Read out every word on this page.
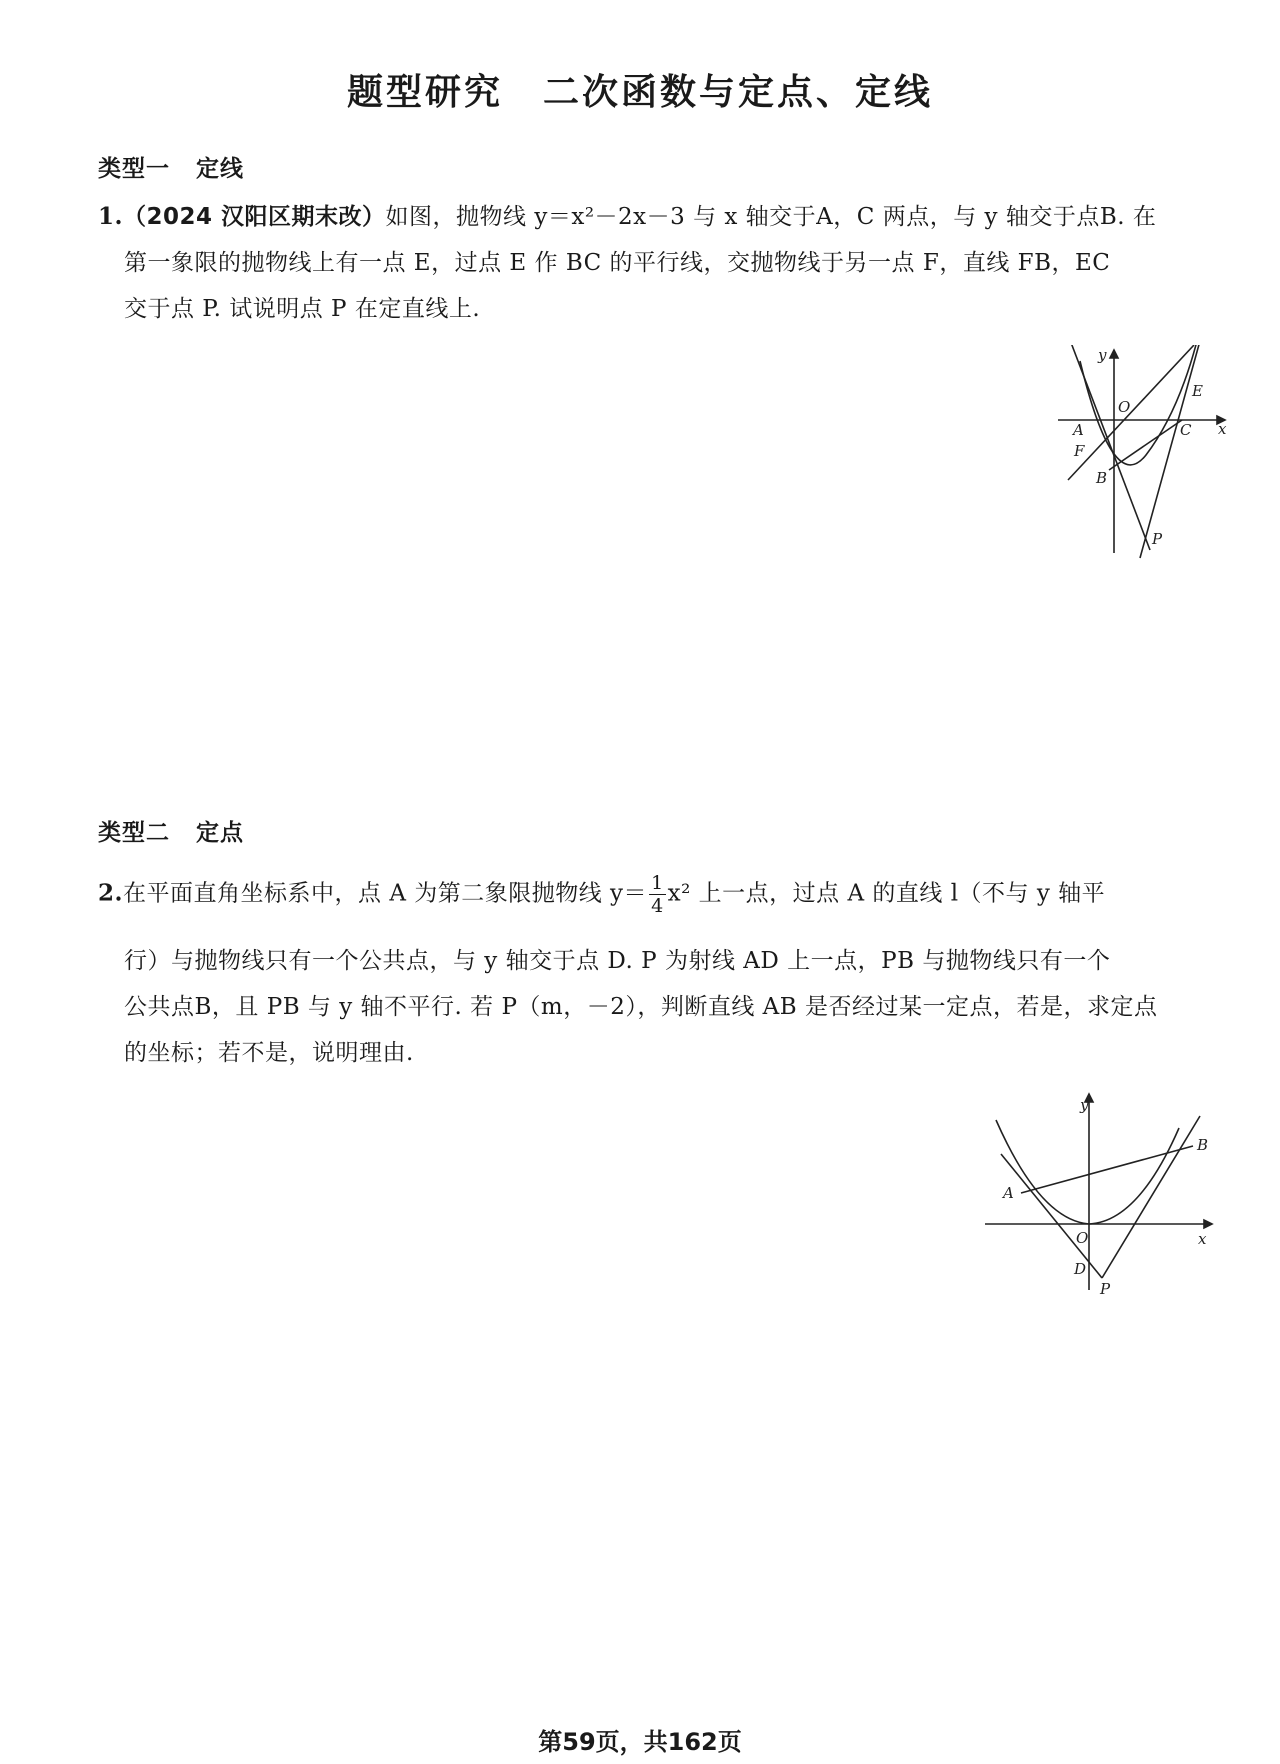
题型研究 二次函数与定点、定线
类型一 定线
1.（2024 汉阳区期末改）如图，抛物线 y＝x²－2x－3 与 x 轴交于A，C 两点，与 y 轴交于点B. 在
第一象限的抛物线上有一点 E，过点 E 作 BC 的平行线，交抛物线于另一点 F，直线 FB，EC
交于点 P. 试说明点 P 在定直线上.
y
x
O
A	C
E
F
B
P
类型二 定点
2.在平面直角坐标系中，点 A 为第二象限抛物线 $y= \frac{1}{4} x^2$ 上一点，过点 A 的直线 l（不与 y 轴平
行）与抛物线只有一个公共点，与 y 轴交于点 D. P 为射线 AD 上一点，PB 与抛物线只有一个
公共点B，且 PB 与 y 轴不平行. 若 P（m，－2），判断直线 AB 是否经过某一定点，若是，求定点
的坐标；若不是，说明理由.
y
x
O
A
B
D
P
第59页，共162页
